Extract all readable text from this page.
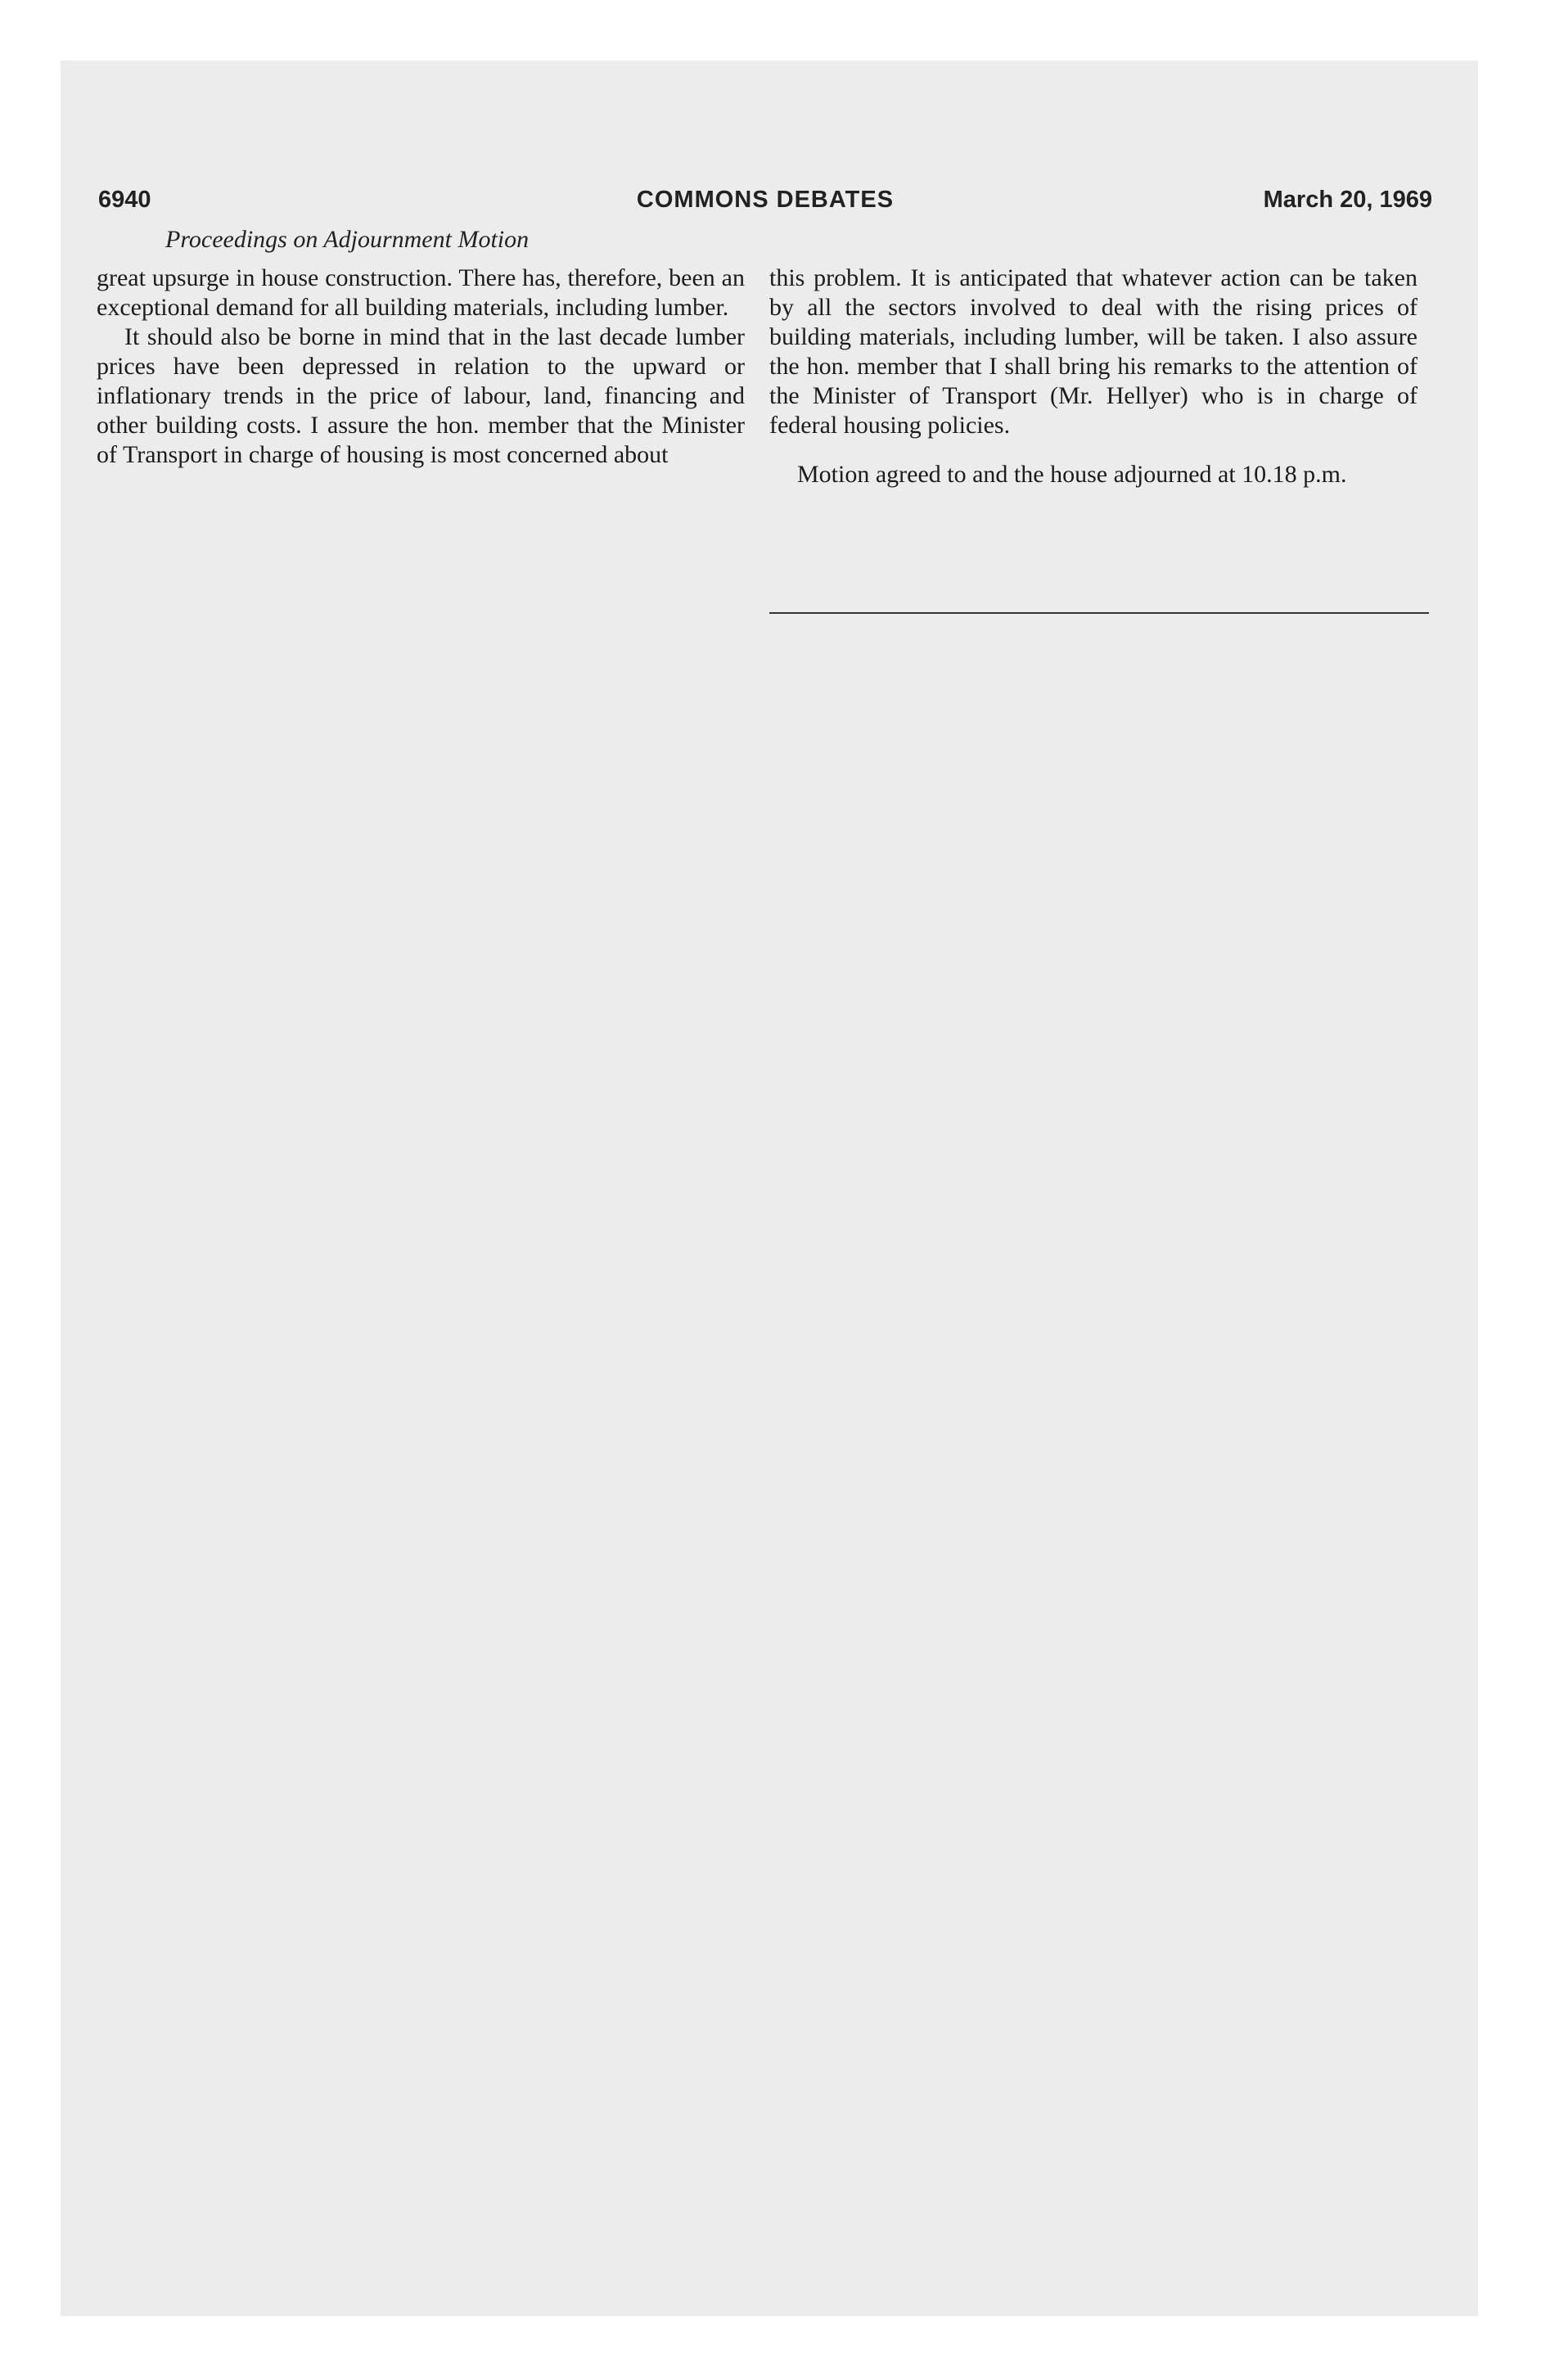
6940	COMMONS DEBATES	March 20, 1969
Proceedings on Adjournment Motion

great upsurge in house construction. There has, therefore, been an exceptional demand for all building materials, including lumber.

It should also be borne in mind that in the last decade lumber prices have been depressed in relation to the upward or inflationary trends in the price of labour, land, financing and other building costs. I assure the hon. member that the Minister of Transport in charge of housing is most concerned about

this problem. It is anticipated that whatever action can be taken by all the sectors involved to deal with the rising prices of building materials, including lumber, will be taken. I also assure the hon. member that I shall bring his remarks to the attention of the Minister of Transport (Mr. Hellyer) who is in charge of federal housing policies.

Motion agreed to and the house adjourned at 10.18 p.m.
